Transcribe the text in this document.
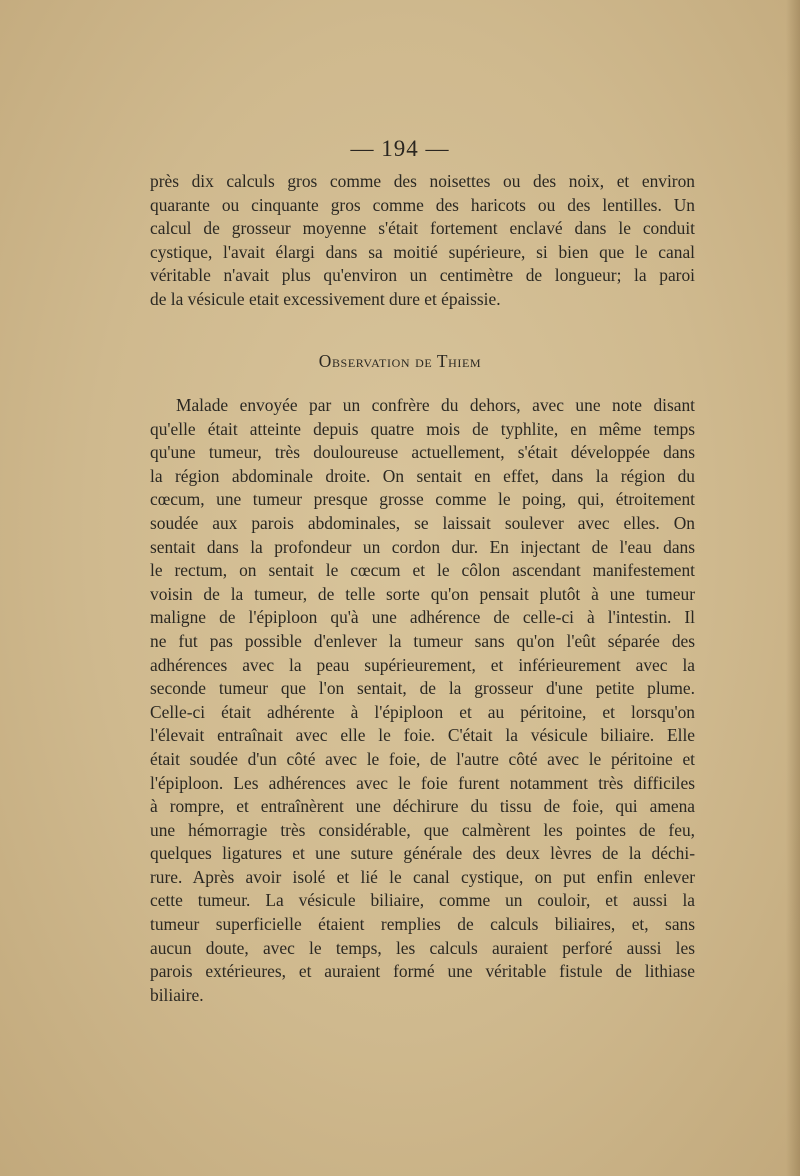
— 194 —
près dix calculs gros comme des noisettes ou des noix, et environ
quarante ou cinquante gros comme des haricots ou des lentilles. Un
calcul de grosseur moyenne s'était fortement enclavé dans le conduit
cystique, l'avait élargi dans sa moitié supérieure, si bien que le canal
véritable n'avait plus qu'environ un centimètre de longueur; la paroi
de la vésicule etait excessivement dure et épaissie.
Observation de Thiem
Malade envoyée par un confrère du dehors, avec une note disant
qu'elle était atteinte depuis quatre mois de typhlite, en même temps
qu'une tumeur, très douloureuse actuellement, s'était développée dans
la région abdominale droite. On sentait en effet, dans la région du
cœcum, une tumeur presque grosse comme le poing, qui, étroitement
soudée aux parois abdominales, se laissait soulever avec elles. On
sentait dans la profondeur un cordon dur. En injectant de l'eau dans
le rectum, on sentait le cœcum et le côlon ascendant manifestement
voisin de la tumeur, de telle sorte qu'on pensait plutôt à une tumeur
maligne de l'épiploon qu'à une adhérence de celle-ci à l'intestin. Il
ne fut pas possible d'enlever la tumeur sans qu'on l'eût séparée des
adhérences avec la peau supérieurement, et inférieurement avec la
seconde tumeur que l'on sentait, de la grosseur d'une petite plume.
Celle-ci était adhérente à l'épiploon et au péritoine, et lorsqu'on
l'élevait entraînait avec elle le foie. C'était la vésicule biliaire. Elle
était soudée d'un côté avec le foie, de l'autre côté avec le péritoine et
l'épiploon. Les adhérences avec le foie furent notamment très difficiles
à rompre, et entraînèrent une déchirure du tissu de foie, qui amena
une hémorragie très considérable, que calmèrent les pointes de feu,
quelques ligatures et une suture générale des deux lèvres de la déchi-
rure. Après avoir isolé et lié le canal cystique, on put enfin enlever
cette tumeur. La vésicule biliaire, comme un couloir, et aussi la
tumeur superficielle étaient remplies de calculs biliaires, et, sans
aucun doute, avec le temps, les calculs auraient perforé aussi les
parois extérieures, et auraient formé une véritable fistule de lithiase
biliaire.
